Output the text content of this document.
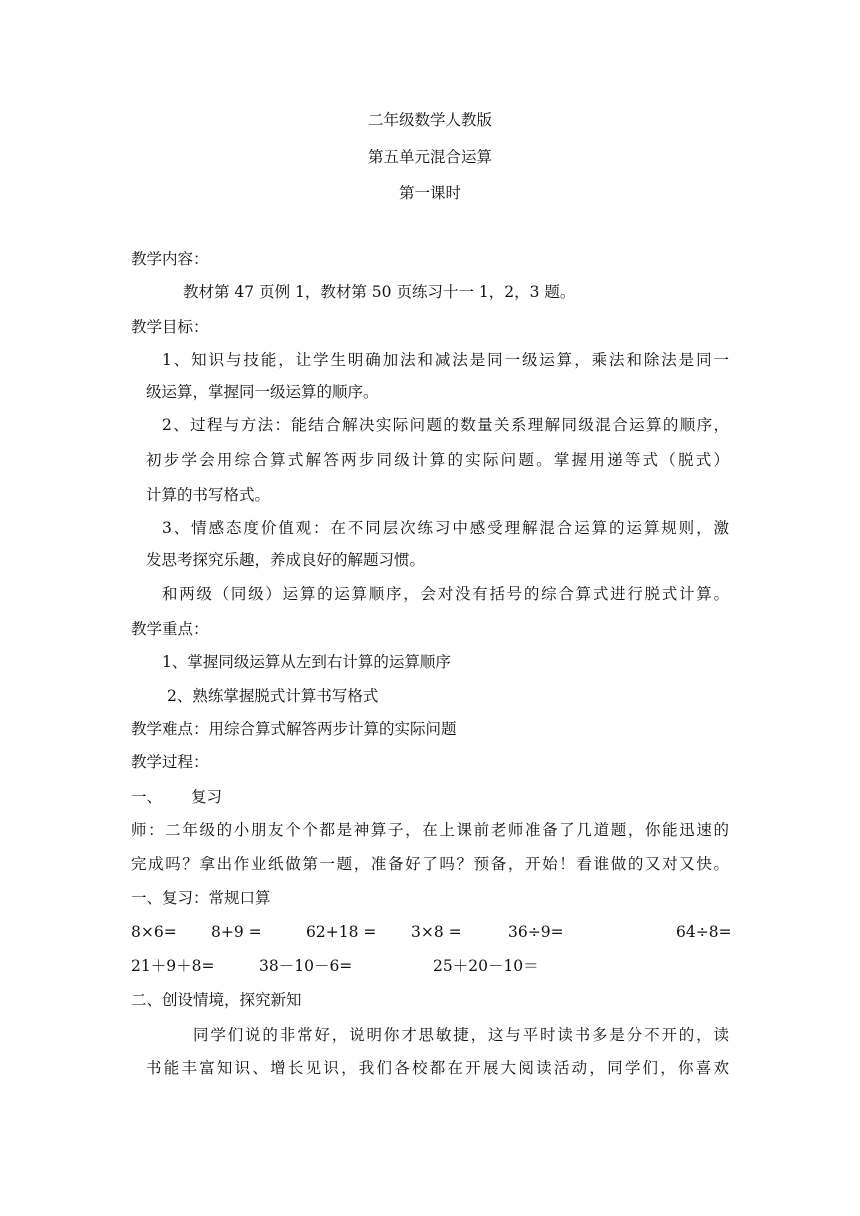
二年级数学人教版
第五单元混合运算
第一课时
教学内容：
教材第 47 页例 1，教材第 50 页练习十一 1，2，3 题。
教学目标：
1、知识与技能，让学生明确加法和减法是同一级运算，乘法和除法是同一
级运算，掌握同一级运算的顺序。
2、过程与方法：能结合解决实际问题的数量关系理解同级混合运算的顺序，
初步学会用综合算式解答两步同级计算的实际问题。掌握用递等式（脱式）
计算的书写格式。
3、情感态度价值观：在不同层次练习中感受理解混合运算的运算规则，激
发思考探究乐趣，养成良好的解题习惯。
和两级（同级）运算的运算顺序，会对没有括号的综合算式进行脱式计算。
教学重点：
1、掌握同级运算从左到右计算的运算顺序
2、熟练掌握脱式计算书写格式
教学难点：用综合算式解答两步计算的实际问题
教学过程：
一、 复习
师：二年级的小朋友个个都是神算子，在上课前老师准备了几道题，你能迅速的
完成吗？拿出作业纸做第一题，准备好了吗？预备，开始！看谁做的又对又快。
一、复习：常规口算
8×6= 8+9 =	62+18 = 3×8 =	36÷9=	64÷8=
21＋9＋8=	38－10－6=	25＋20－10＝
二、创设情境，探究新知
同学们说的非常好，说明你才思敏捷，这与平时读书多是分不开的，读
书能丰富知识、增长见识，我们各校都在开展大阅读活动，同学们，你喜欢
